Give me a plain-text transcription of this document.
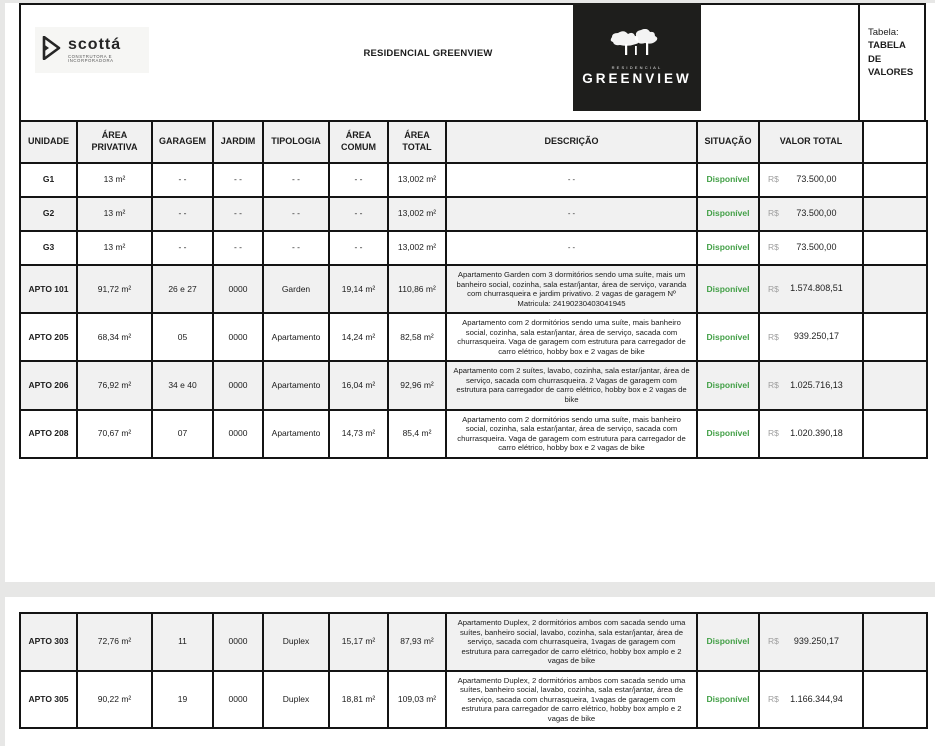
scottá
CONSTRUTORA E INCORPORADORA
RESIDENCIAL GREENVIEW
RESIDENCIAL
GREENVIEW
Tabela:
TABELA DE VALORES
UNIDADE	ÁREA PRIVATIVA	GARAGEM	JARDIM	TIPOLOGIA	ÁREA COMUM	ÁREA TOTAL	DESCRIÇÃO	SITUAÇÃO	VALOR TOTAL	
G1	13 m²	- -	- -	- -	- -	13,002 m²	- -	Disponível	R$ 73.500,00	

G2	13 m²	- -	- -	- -	- -	13,002 m²	- -	Disponível	R$ 73.500,00	

G3	13 m²	- -	- -	- -	- -	13,002 m²	- -	Disponível	R$ 73.500,00	

APTO 101	91,72 m²	26 e 27	0000	Garden	19,14 m²	110,86 m²	Apartamento Garden com 3 dormitórios sendo uma suíte, mais um banheiro social, cozinha, sala estar/jantar, área de serviço, varanda com churrasqueira e jardim privativo. 2 vagas de garagem Nº Matricula: 24190230403041945	Disponível	R$ 1.574.808,51	

APTO 205	68,34 m²	05	0000	Apartamento	14,24 m²	82,58 m²	Apartamento com 2 dormitórios sendo uma suíte, mais banheiro social, cozinha, sala estar/jantar, área de serviço, sacada com churrasqueira. Vaga de garagem com estrutura para carregador de carro elétrico, hobby box e 2 vagas de bike	Disponível	R$ 939.250,17	

APTO 206	76,92 m²	34 e 40	0000	Apartamento	16,04 m²	92,96 m²	Apartamento com 2 suítes, lavabo, cozinha, sala estar/jantar, área de serviço, sacada com churrasqueira. 2 Vagas de garagem com estrutura para carregador de carro elétrico, hobby box e 2 vagas de bike	Disponível	R$ 1.025.716,13	

APTO 208	70,67 m²	07	0000	Apartamento	14,73 m²	85,4 m²	Apartamento com 2 dormitórios sendo uma suíte, mais banheiro social, cozinha, sala estar/jantar, área de serviço, sacada com churrasqueira. Vaga de garagem com estrutura para carregador de carro elétrico, hobby box e 2 vagas de bike	Disponível	R$ 1.020.390,18	

APTO 303	72,76 m²	11	0000	Duplex	15,17 m²	87,93 m²	Apartamento Duplex, 2 dormitórios ambos com sacada sendo uma suítes, banheiro social, lavabo, cozinha, sala estar/jantar, área de serviço, sacada com churrasqueira, 1vagas de garagem com estrutura para carregador de carro elétrico, hobby box amplo e 2 vagas de bike	Disponível	R$ 939.250,17	

APTO 305	90,22 m²	19	0000	Duplex	18,81 m²	109,03 m²	Apartamento Duplex, 2 dormitórios ambos com sacada sendo uma suítes, banheiro social, lavabo, cozinha, sala estar/jantar, área de serviço, sacada com churrasqueira, 1vagas de garagem com estrutura para carregador de carro elétrico, hobby box amplo e 2 vagas de bike	Disponível	R$ 1.166.344,94	
